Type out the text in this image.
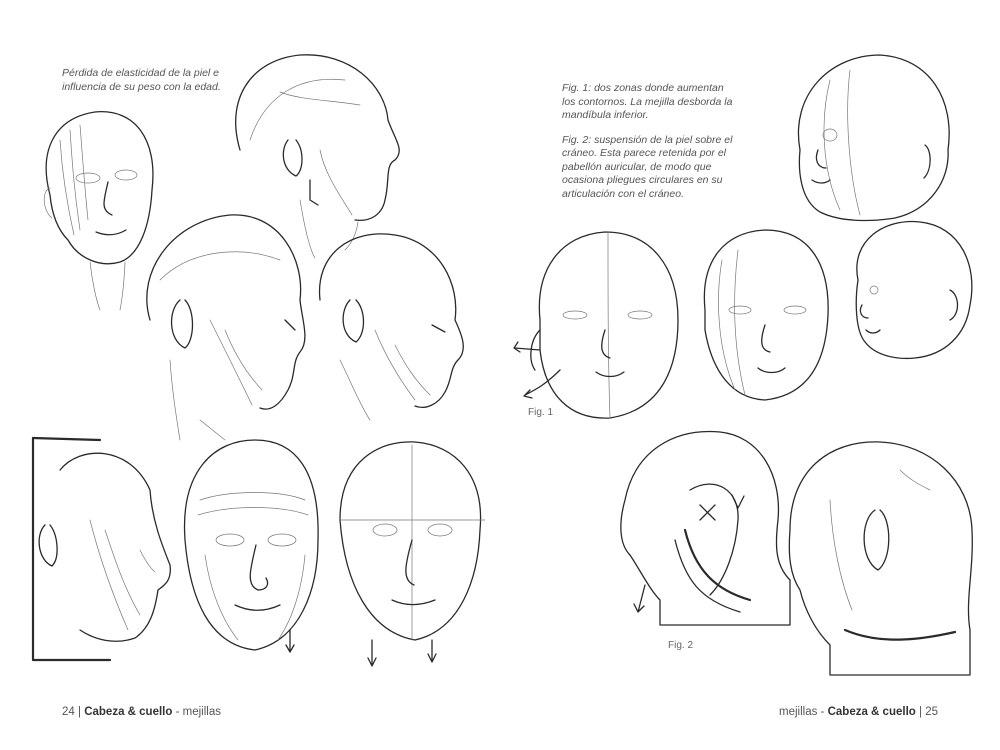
Pérdida de elasticidad de la piel e influencia de su peso con la edad.
24 | Cabeza & cuello - mejillas

Fig. 1: dos zonas donde aumentan los contornos. La mejilla desborda la mandíbula inferior.

Fig. 2: suspensión de la piel sobre el cráneo. Esta parece retenida por el pabellón auricular, de modo que ocasiona pliegues circulares en su articulación con el cráneo.

Fig. 1
Fig. 2
mejillas - Cabeza & cuello | 25
